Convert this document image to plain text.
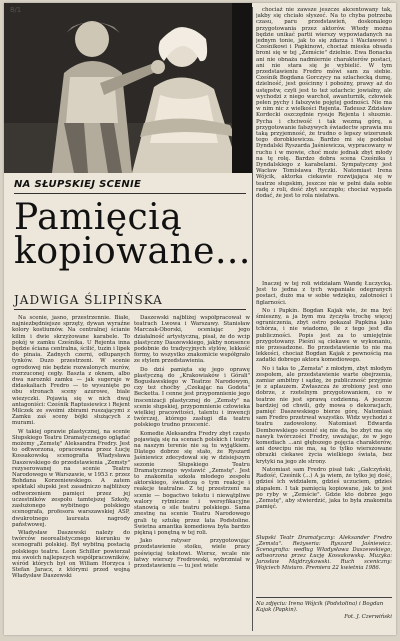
8/1
NA SŁUPSKIEJ SCENIE
Pamięcią kopiowane...
JADWIGA ŚLIPIŃSKA

Na scenie, jasno, przestrzennie. Białe, najniezbędniejsze sprzęty, dywan wyraźne kolory kostiumów. Na centralnej ścianie kilim i dwie skrzyżowane karabele. To pokój w zamku Cześnika. U Rejenta inna będzie ściana centralna, ścilić, tuzin i lipek do pinaia. Zadnych czerni, odlupanych tynków. Duzo przestrzeni. W scenie ogrodowej nie będzie rozwalonych murów, rozrzuconej cegły. Baszta z oknem, albo dwa naroznki zamku — jak sugeruje w didaskaliach Fredro — to wysunięte po obu stronach sceny azurowe, biale wiezyczki. Pojawią się w nich dwaj antagoniści: Cześnik Raptusiewicz i Rejent Milczek ze swoimi zbirami ruszającymi z Zamku zaś sceny bójki służących z murami.

W takiej oprawie plastycznej, na scenie Słupskiego Teatru Dramatycznego oglądać możemy „Zemstę" Aleksandra Fredry. Jest to odtworzona, opracowana przez Łucję Kossakowską scenografia Władysława Daszewskiego do przedstawienia „Zemsty" rezyserowanej na scenie Teatru Narodowego w Warszawie, w 1953 r. przez Bohdana Korzeniewskiego. A zatem spektakl słupski jest zasadniczo najbliższy odtworzeniem pamięci przez jej uczestników zespołu tamtejszej Szkoły, zasłużonego wybitnego polskiego scenografa, profesora warszawskiej ASP, dwukrotnego laureata nagrody państwowej.

Władysław Daszewski należy do twórców neorealistycznego kierunku w scenografii polskiej. Był wybitną postacią polskiego teatru. Leon Schiller powierzał mu swoich najlepszych współpracowników, wśród których był on Wiliam Horzyca i Stefan Jaracz, z którymi przed wojną Władysław Daszewski

Daszewski najbliżej współpracował w teatrach Lwowa i Warszawy. Stanisław Marczak-Oborski, oceniając jego działalność artystyczną, pisał, że do wcip plastyczny Daszewskiego, jakby nonsence podobnie do tradycyjnych stylów, lekkość formy, to wszystko znakomicie współgrało ze stylem przedstawienia.

Do dziś pamięta się jego oprawę plastyczną do „Krakowiaków i Górali" Bogusławskiego w Teatrze Narodowym, czy też choćby „Czekając na Godota" Becketta. I cenne jest przypomnienie jego inscenizacji plastycznej do „Zemsty" na scenie słupskiej, przypomnienie człowieka wielkiej pracowitości, talentu i inwencji twórczej, którego zasługi dla teatru polskiego trudno przecenić.

Komedie Aleksandra Fredry zbyt często pojawiają się na scenach polskich i teatry na naszym terenie nie są tu wyjątkiem. Dlatego dobrze się stało, że Ryszard Jaśniewicz zdecydował się w dzisiejszym sezonie Słupskiego Teatru Dramatycznego wystawić „Zemstę". Jest to znakomita szkoła młodego zespołu aktorskiego, świadczą o tym reakcje i reakcje teatralne. Z tej przestrzeni na scenie — bogactwo tekstu i niewątpliwe walory rytmiczne i wersyfikacyjne stanowią o sile teatru polskiego. Sama znestnę na scenie Teatru Narodowego grali tę sztukę przez lata Podstoline. Świetna amantka komediowa była bardzo piękną i ponętną w tej roli.

Jako ratyser przygotowując przedstawienie stoiku, wiele pracy poświęciaj tekstowi. Wiersz, wcale nie łatwy wierszy Fredrowski, wybrzmiał w przedstawieniu — tu jest wiele

chociaż nie zawsze jeszcze akcentowany tak, jakby się chciało słyszeć. Na to chyba potrzeba czasu, paru przedstawień, doskonalego przygotowania przez aktorów. Wtedy można będzie unikać partii wierszy wypowiadanych na jednym tonie, jak to się zdarza i Wacławowi i Cześnikowi i Papkinowi, chociaż mieska obsada broni się w tej „Zemście" dzielnie. Ewa Bonacka ani nie obnaża nadmiernie charakterów postaci, ani nie stara się je wybielić. W tym przedstawieniu Fredro mówi sam za siebie. Cześnik Bogdana Gorczycy na szlachecką dumę, dzielność, jest gościnny i pobożny, prawy aż do ustępstw, czyli jest to też szlachcic jowialny, ale wychodzi z niego warchoł, awanturnik, człowiek pełen pychy i fałszywie pojętej godności. Nie ma w nim nic z wielkości Rejenta. Tadeusz Zdzisław Kordecki oszczędnie rysuje Rejenta i słusznie. Pycha i chciwość i tak wezmą górę, a przygotowanie fałszywych świadectw sprawia mu taką przyjemność, że trudno o lepszy wizerunek tego dorobkiewicza. Bardzo mi się podobał Dyndalski Ryszarda Jaśniewicza, wypracowany w ruchu i w mowie, choć może jednak zbyt młody na tę rolę. Bardzo dobra scena Cześnika i Dyndalskiego z karabelami. Sympatyczny jest Wacław Tomisława Ryczki. Natomiast Irena Wójcik, aktorka ciekawie rozwijająca się w teatrze słupskim, jeszcze nie w pełni dała sobie radę z roli, dość zbyt szczupło; chociaż wypada dodać, że jest to rola niełatwa.

Inaczej w tej roli widziałam Wandę Łuczycką. Jest to jedna z tych wspaniale odegranych postaci, dużo ma w sobie wdzięku, zalotności i figlarności.

No i Papkin. Bogdan Kajak wie, że ma być śmieszny, a ja bym mu życzyła trochę więcej ograniczenia, zbyt ostro pokazał Papkina jako tchórza, i nie wiadomo, ile z tego jest dla publiczności. Popis jest za to umiejętnie przygotowany. Pieśni są ciekawe w wykonaniu, nie przesadzone. Bo przedstawienie to nie ma lekkości, chociaż Bogdan Kajak z pewnością ma zadatki dobrego aktora komediowego.

No i taka to „Zemsta" z młodym, zbyt młodym zespołem, ale przedstawienie warte obejrzenia, zamiar ambitny i sądzę, że publiczność przyjmie je z aplauzem. Zwłaszcza że zrobiony jest ono dobrze, z rzetelnym przygotowaniem, co w teatrze nie jest sprawą codzienną. A jeszcze bardziej od chwili, gdy mowa o dekoracjach, pamięć Daszewskiego bierze górę. Natomiast sam Fredro przetrwał wszystko. Widz wychodzi z teatru zadowolony. Natomiast Edwarda Dembowskiego ocenić się nie da, bo zbyt ma się nawyk twórczości Fredry, uważając, że w jego komediach ...ani głębszego pojęcia charakterów, ani dowcipu nie ma, są to tylko wierszowane obrazki ciekawe życia wielkiego świata, bez krytyki na jego złe strony.

Natomiast sam Fredro pisał tak: „Gałczyński, Radość, Cześnik (...) A ja wiem, że tylko jej dość, gdzieś ich widziałem, gdzieś uczuciem, gdzieś złapałem. I tak pamięcią kopiowane, jak to jest po ryby w „Zemście". Gdzie kto dobrze jego „Zemstę", aby stwierdzić, jaka to była znakomita pamięć.

Słupski Teatr Dramatyczny: Aleksander Fredro „Zemsta". Reżyseria: Ryszard Jaśniewicz. Scenografia: według Władysława Daszewskiego, odtworzona przez Łucję Kossakowską. Muzyka: Jarosław Majdrzykowski. Ruch sceniczny: Wojciech Misiuro. Premiera 22 kwietnia 1986.
Na zdjęciu: Irena Wójcik (Podstolina) i Bogdan Kajak (Papkin).
Fot. J. Czerwiński
